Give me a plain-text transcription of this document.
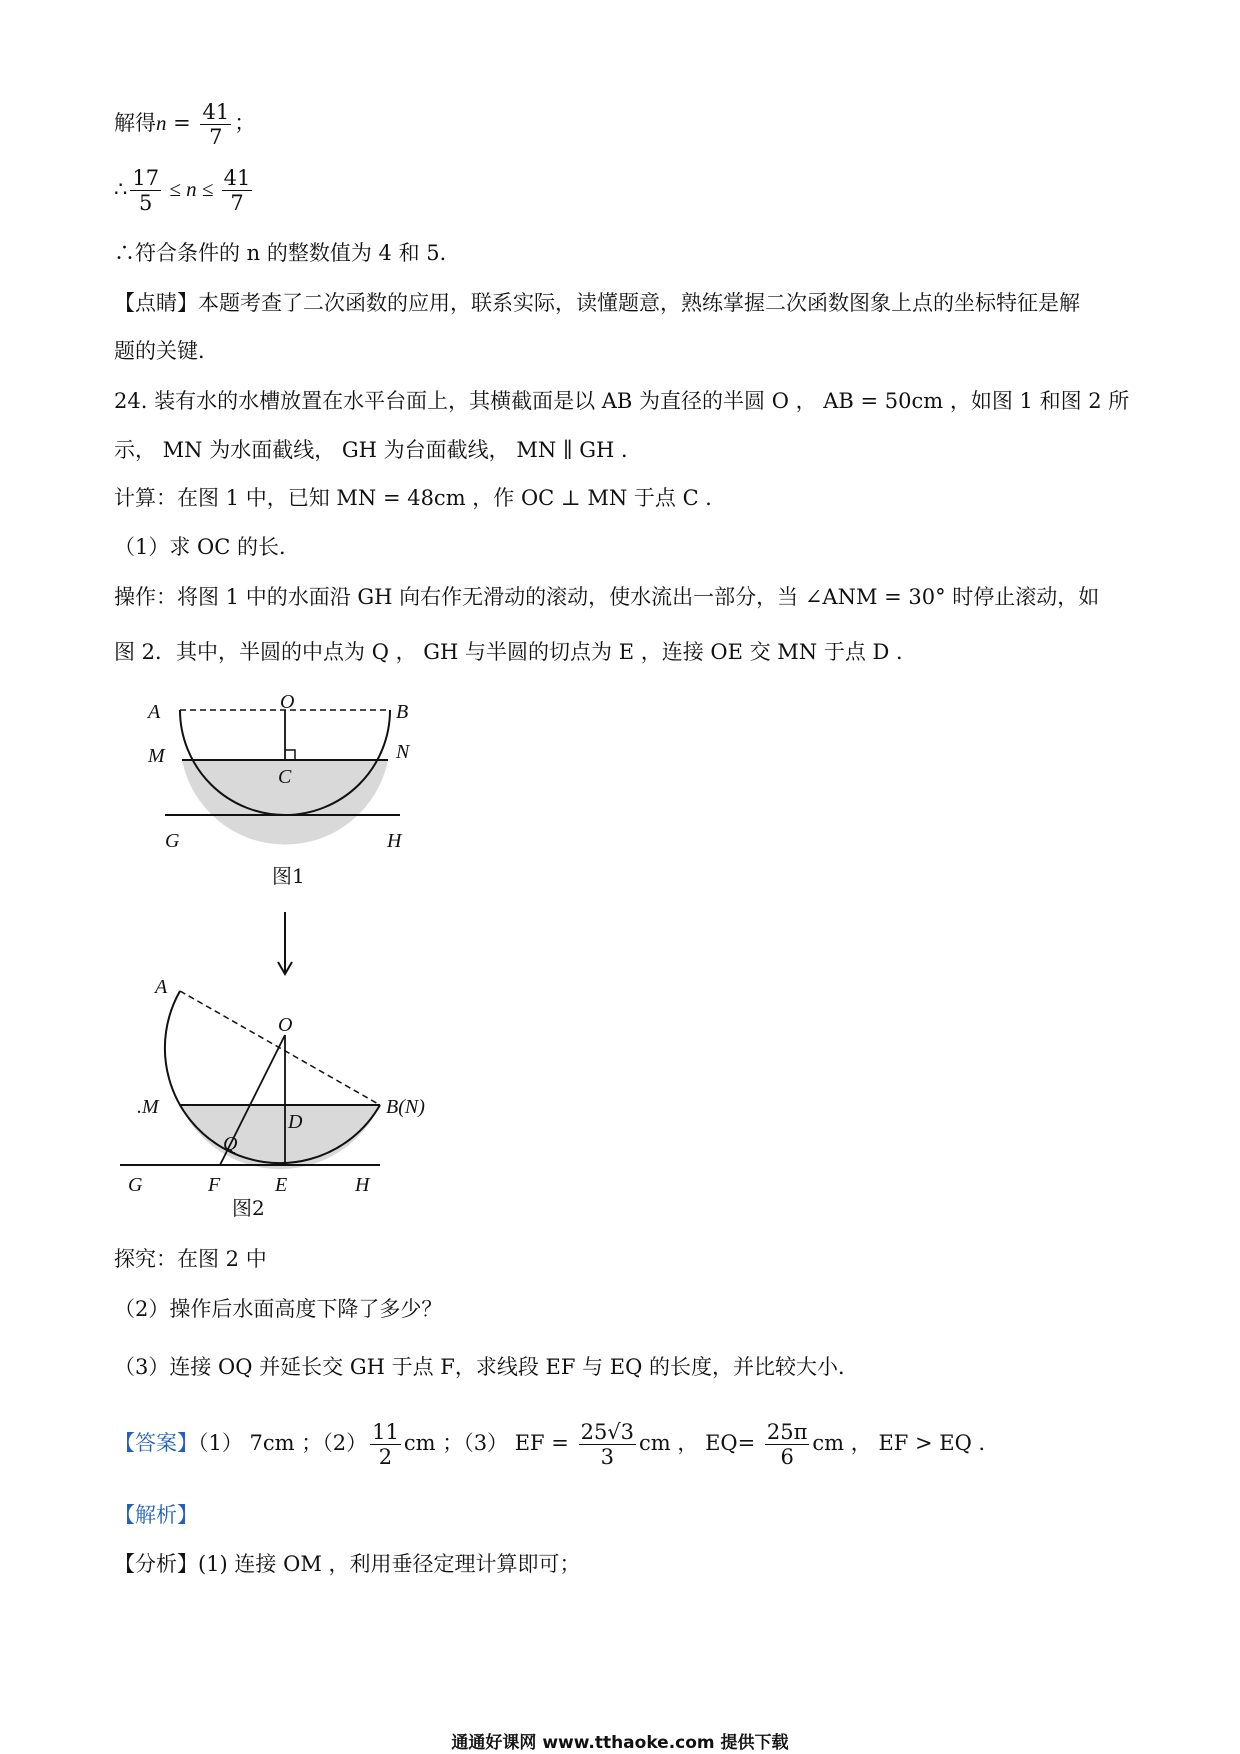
解得$n = \frac{41}{7}$ ；
∴ $\frac{17}{5} \le n \le \frac{41}{7}$
∴符合条件的 n 的整数值为 4 和 5．
【点睛】本题考查了二次函数的应用，联系实际，读懂题意，熟练掌握二次函数图象上点的坐标特征是解
题的关键．
24. 装有水的水槽放置在水平台面上，其横截面是以 AB 为直径的半圆 O ， AB = 50cm ，如图 1 和图 2 所
示， MN 为水面截线， GH 为台面截线， MN ∥ GH ．
计算：在图 1 中，已知 MN = 48cm ，作 OC ⊥ MN 于点 C ．
（1）求 OC 的长．
操作：将图 1 中的水面沿 GH 向右作无滑动的滚动，使水流出一部分，当 ∠ANM = 30° 时停止滚动，如
图 2．其中，半圆的中点为 Q ， GH 与半圆的切点为 E ，连接 OE 交 MN 于点 D ．
O
A	B
M	N
C
G	H
图1
A
O
.M	B(N)
D
Q
G	F	E	H
图2
探究：在图 2 中
（2）操作后水面高度下降了多少？
（3）连接 OQ 并延长交 GH 于点 F，求线段 EF 与 EQ 的长度，并比较大小．
【答案】（1） 7cm ；$(2) \frac{11}{2}$ cm ；（3） EF = $\frac{25√3}{3}$ cm ， $EQ= \frac{25\pi}{6}$ cm ， EF > EQ ．
【解析】
【分析】(1) 连接 OM ，利用垂径定理计算即可；
通通好课网 www.tthaoke.com 提供下载
